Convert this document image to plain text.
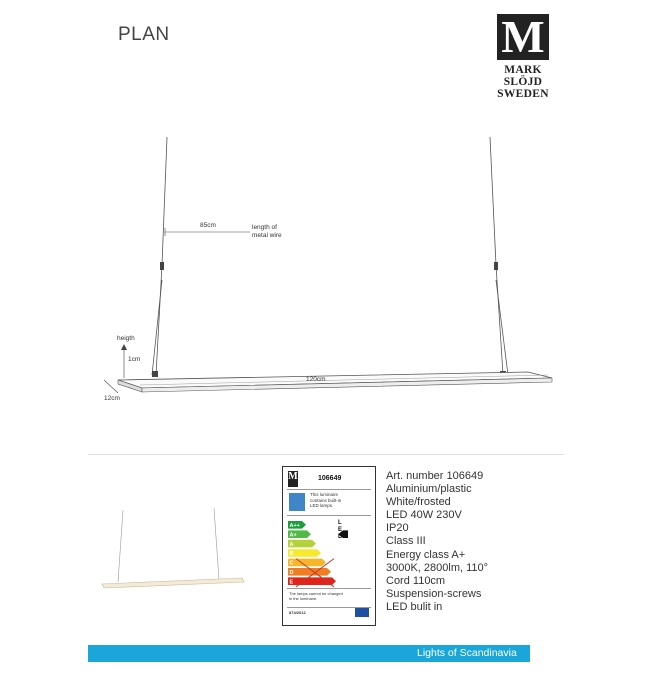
PLAN	M
MARK
SLÖJD
SWEDEN
85cm	length of
metal wire
heigth
1cm
120cm
12cm
M	106649
This luminaire
contains built-in
LED lamps.
A++
A+
A
B
C
D
E
L
E
D
The lamps cannot be changed
in the luminaire.
874/2012
Art. number 106649
Aluminium/plastic
White/frosted
LED 40W 230V
IP20
Class III
Energy class A+
3000K, 2800lm, 110°
Cord 110cm
Suspension-screws
LED bulit in
Lights of Scandinavia
